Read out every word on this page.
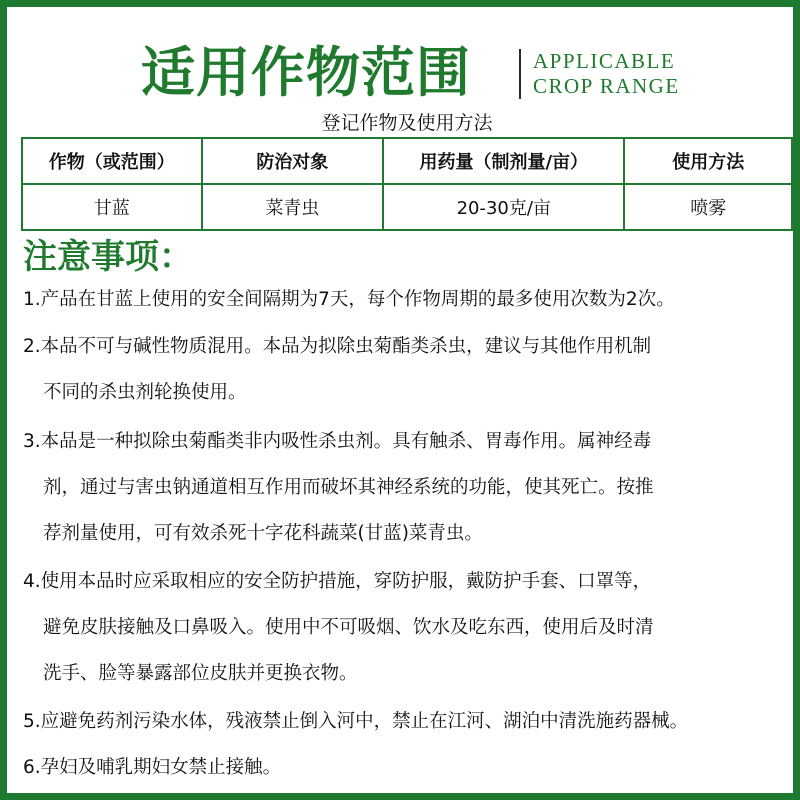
适用作物范围	APPLICABLE
CROP RANGE
登记作物及使用方法
作物（或范围）	防治对象	用药量（制剂量/亩）	使用方法
甘蓝	菜青虫	20-30克/亩	喷雾
注意事项：
1.产品在甘蓝上使用的安全间隔期为7天，每个作物周期的最多使用次数为2次。
2.本品不可与碱性物质混用。本品为拟除虫菊酯类杀虫，建议与其他作用机制
不同的杀虫剂轮换使用。
3.本品是一种拟除虫菊酯类非内吸性杀虫剂。具有触杀、胃毒作用。属神经毒
剂，通过与害虫钠通道相互作用而破坏其神经系统的功能，使其死亡。按推
荐剂量使用，可有效杀死十字花科蔬菜(甘蓝)菜青虫。
4.使用本品时应采取相应的安全防护措施，穿防护服，戴防护手套、口罩等，
避免皮肤接触及口鼻吸入。使用中不可吸烟、饮水及吃东西，使用后及时清
洗手、脸等暴露部位皮肤并更换衣物。
5.应避免药剂污染水体，残液禁止倒入河中，禁止在江河、湖泊中清洗施药器械。
6.孕妇及哺乳期妇女禁止接触。
